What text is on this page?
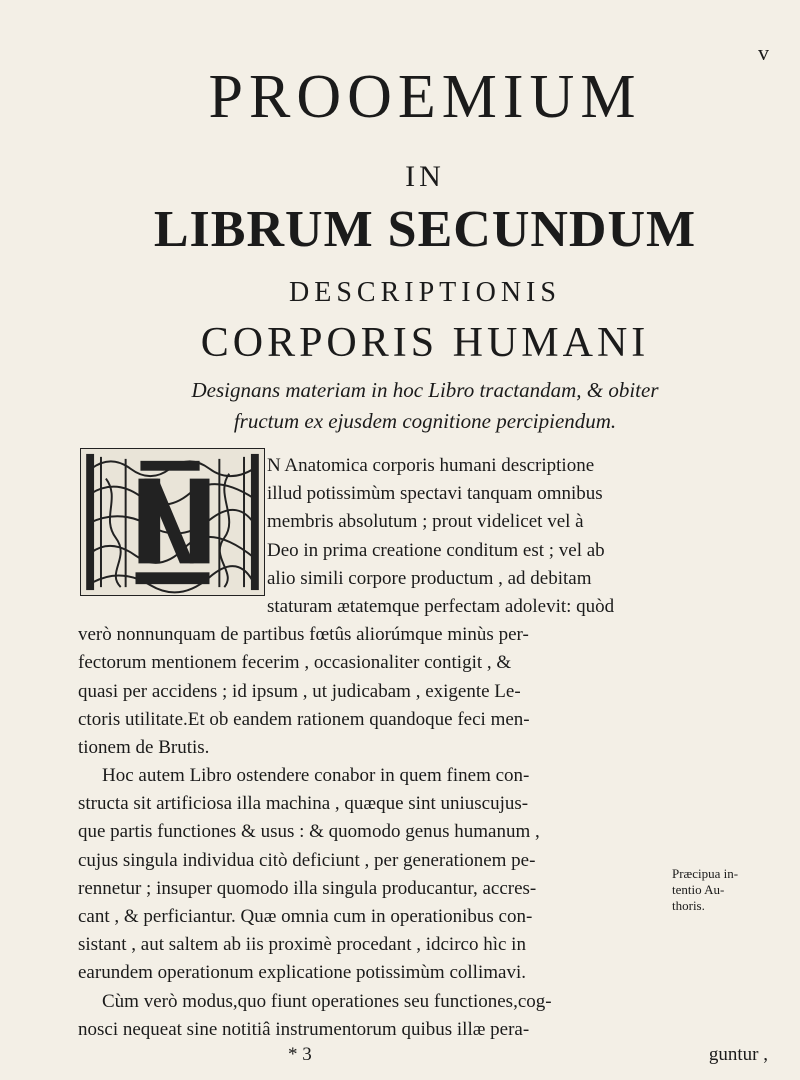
v
PROOEMIUM
IN
LIBRUM SECUNDUM
DESCRIPTIONIS
CORPORIS HUMANI
Designans materiam in hoc Libro tractandam, & obiter
fructum ex ejusdem cognitione percipiendum.
N Anatomica corporis humani descriptione
illud potissimùm spectavi tanquam omnibus
membris absolutum ; prout videlicet vel à
Deo in prima creatione conditum est ; vel ab
alio simili corpore productum , ad debitam
staturam ætatemque perfectam adolevit: quòd
verò nonnunquam de partibus fœtûs aliorúmque minùs per-
fectorum mentionem fecerim , occasionaliter contigit , &
quasi per accidens ; id ipsum , ut judicabam , exigente Le-
ctoris utilitate.Et ob eandem rationem quandoque feci men-
tionem de Brutis.
Hoc autem Libro ostendere conabor in quem finem con-
structa sit artificiosa illa machina , quæque sint uniuscujus-
que partis functiones & usus : & quomodo genus humanum ,
cujus singula individua citò deficiunt , per generationem pe-
rennetur ; insuper quomodo illa singula producantur, accres-
cant , & perficiantur. Quæ omnia cum in operationibus con-
sistant , aut saltem ab iis proximè procedant , idcirco hìc in
earundem operationum explicatione potissimùm collimavi.
Cùm verò modus,quo fiunt operationes seu functiones,cog-
nosci nequeat sine notitiâ instrumentorum quibus illæ pera-
Præcipua in-
tentio Au-
thoris.
* 3	guntur ,
